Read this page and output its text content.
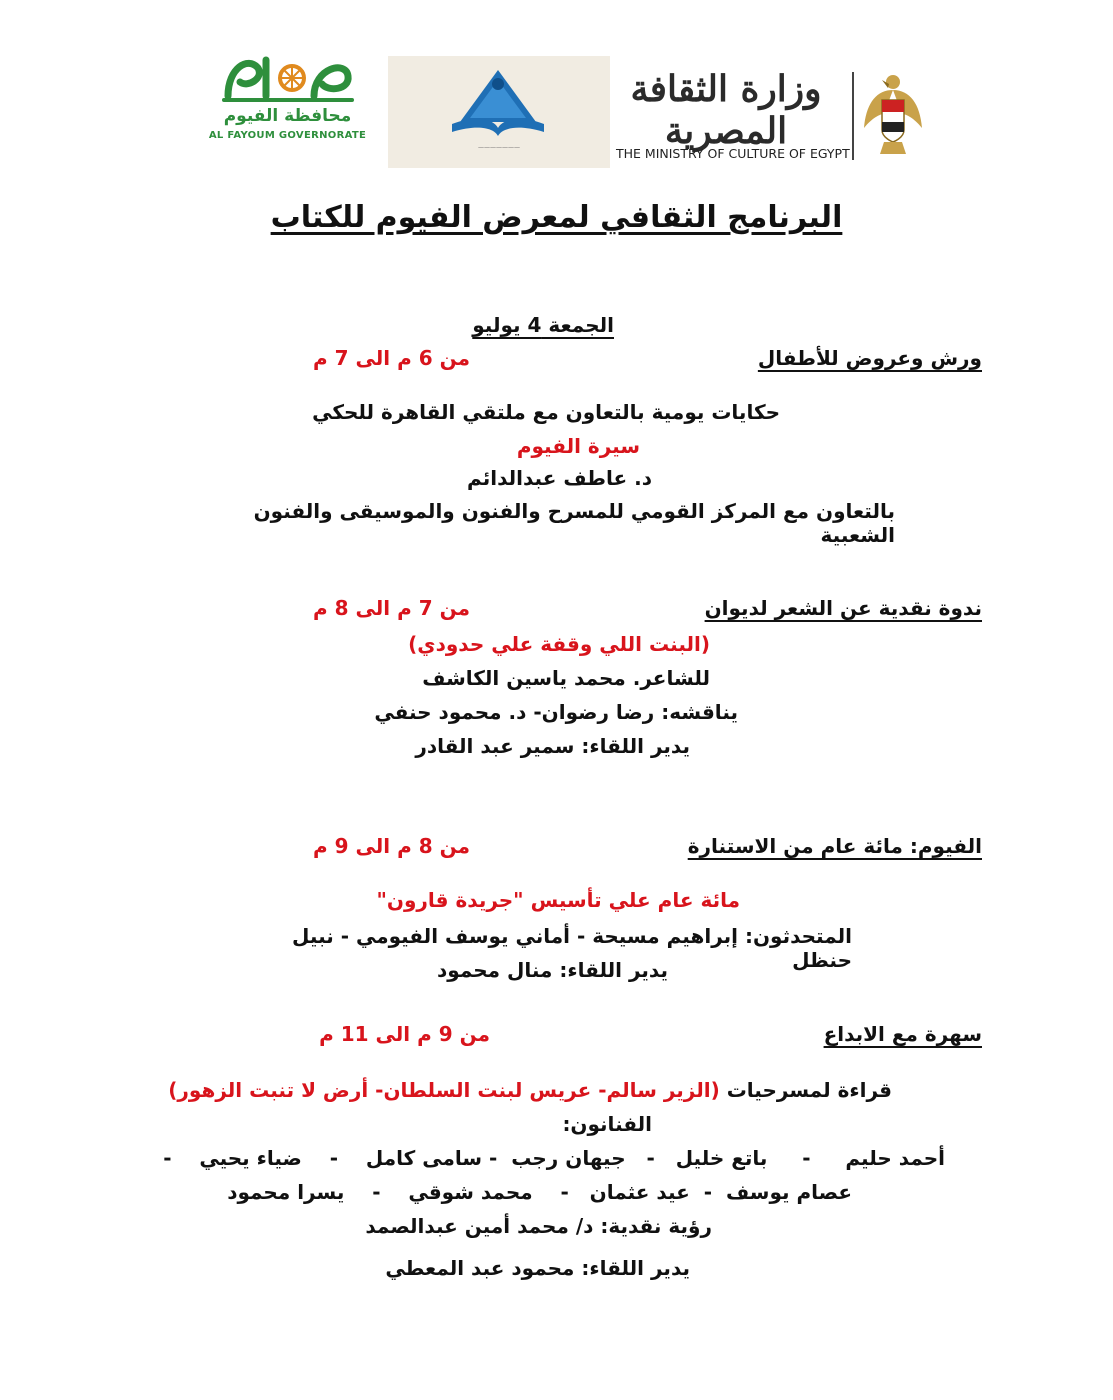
محافظة الفيوم
AL FAYOUM GOVERNORATE
———————
وزارة الثقافة المصرية
THE MINISTRY OF CULTURE OF EGYPT
البرنامج الثقافي لمعرض الفيوم للكتاب
الجمعة 4 يوليو
ورش وعروض للأطفال
من 6 م الى 7 م
حكايات يومية بالتعاون مع ملتقي القاهرة للحكي
سيرة الفيوم
د. عاطف عبدالدائم
بالتعاون مع المركز القومي للمسرح والفنون والموسيقى والفنون الشعبية
ندوة نقدية عن الشعر لديوان
من 7 م الى 8 م
(البنت اللي وقفة علي حدودي)
للشاعر. محمد ياسين الكاشف
يناقشه: رضا رضوان- د. محمود حنفي
يدير اللقاء: سمير عبد القادر
الفيوم: مائة عام من الاستنارة
من 8 م الى 9 م
مائة عام علي تأسيس "جريدة قارون"
المتحدثون: إبراهيم مسيحة - أماني يوسف الفيومي - نبيل حنظل
يدير اللقاء: منال محمود
سهرة مع الابداع
من 9 م الى 11 م
قراءة لمسرحيات (الزير سالم- عريس لبنت السلطان- أرض لا تنبت الزهور)
الفنانون:
أحمد حليم     -     باتع خليل   -   جيهان رجب  - سامى كامل    -    ضياء يحيي    -
عصام يوسف  -  عيد عثمان   -    محمد شوقي    -    يسرا محمود
رؤية نقدية: د/ محمد أمين عبدالصمد
يدير اللقاء: محمود عبد المعطي
